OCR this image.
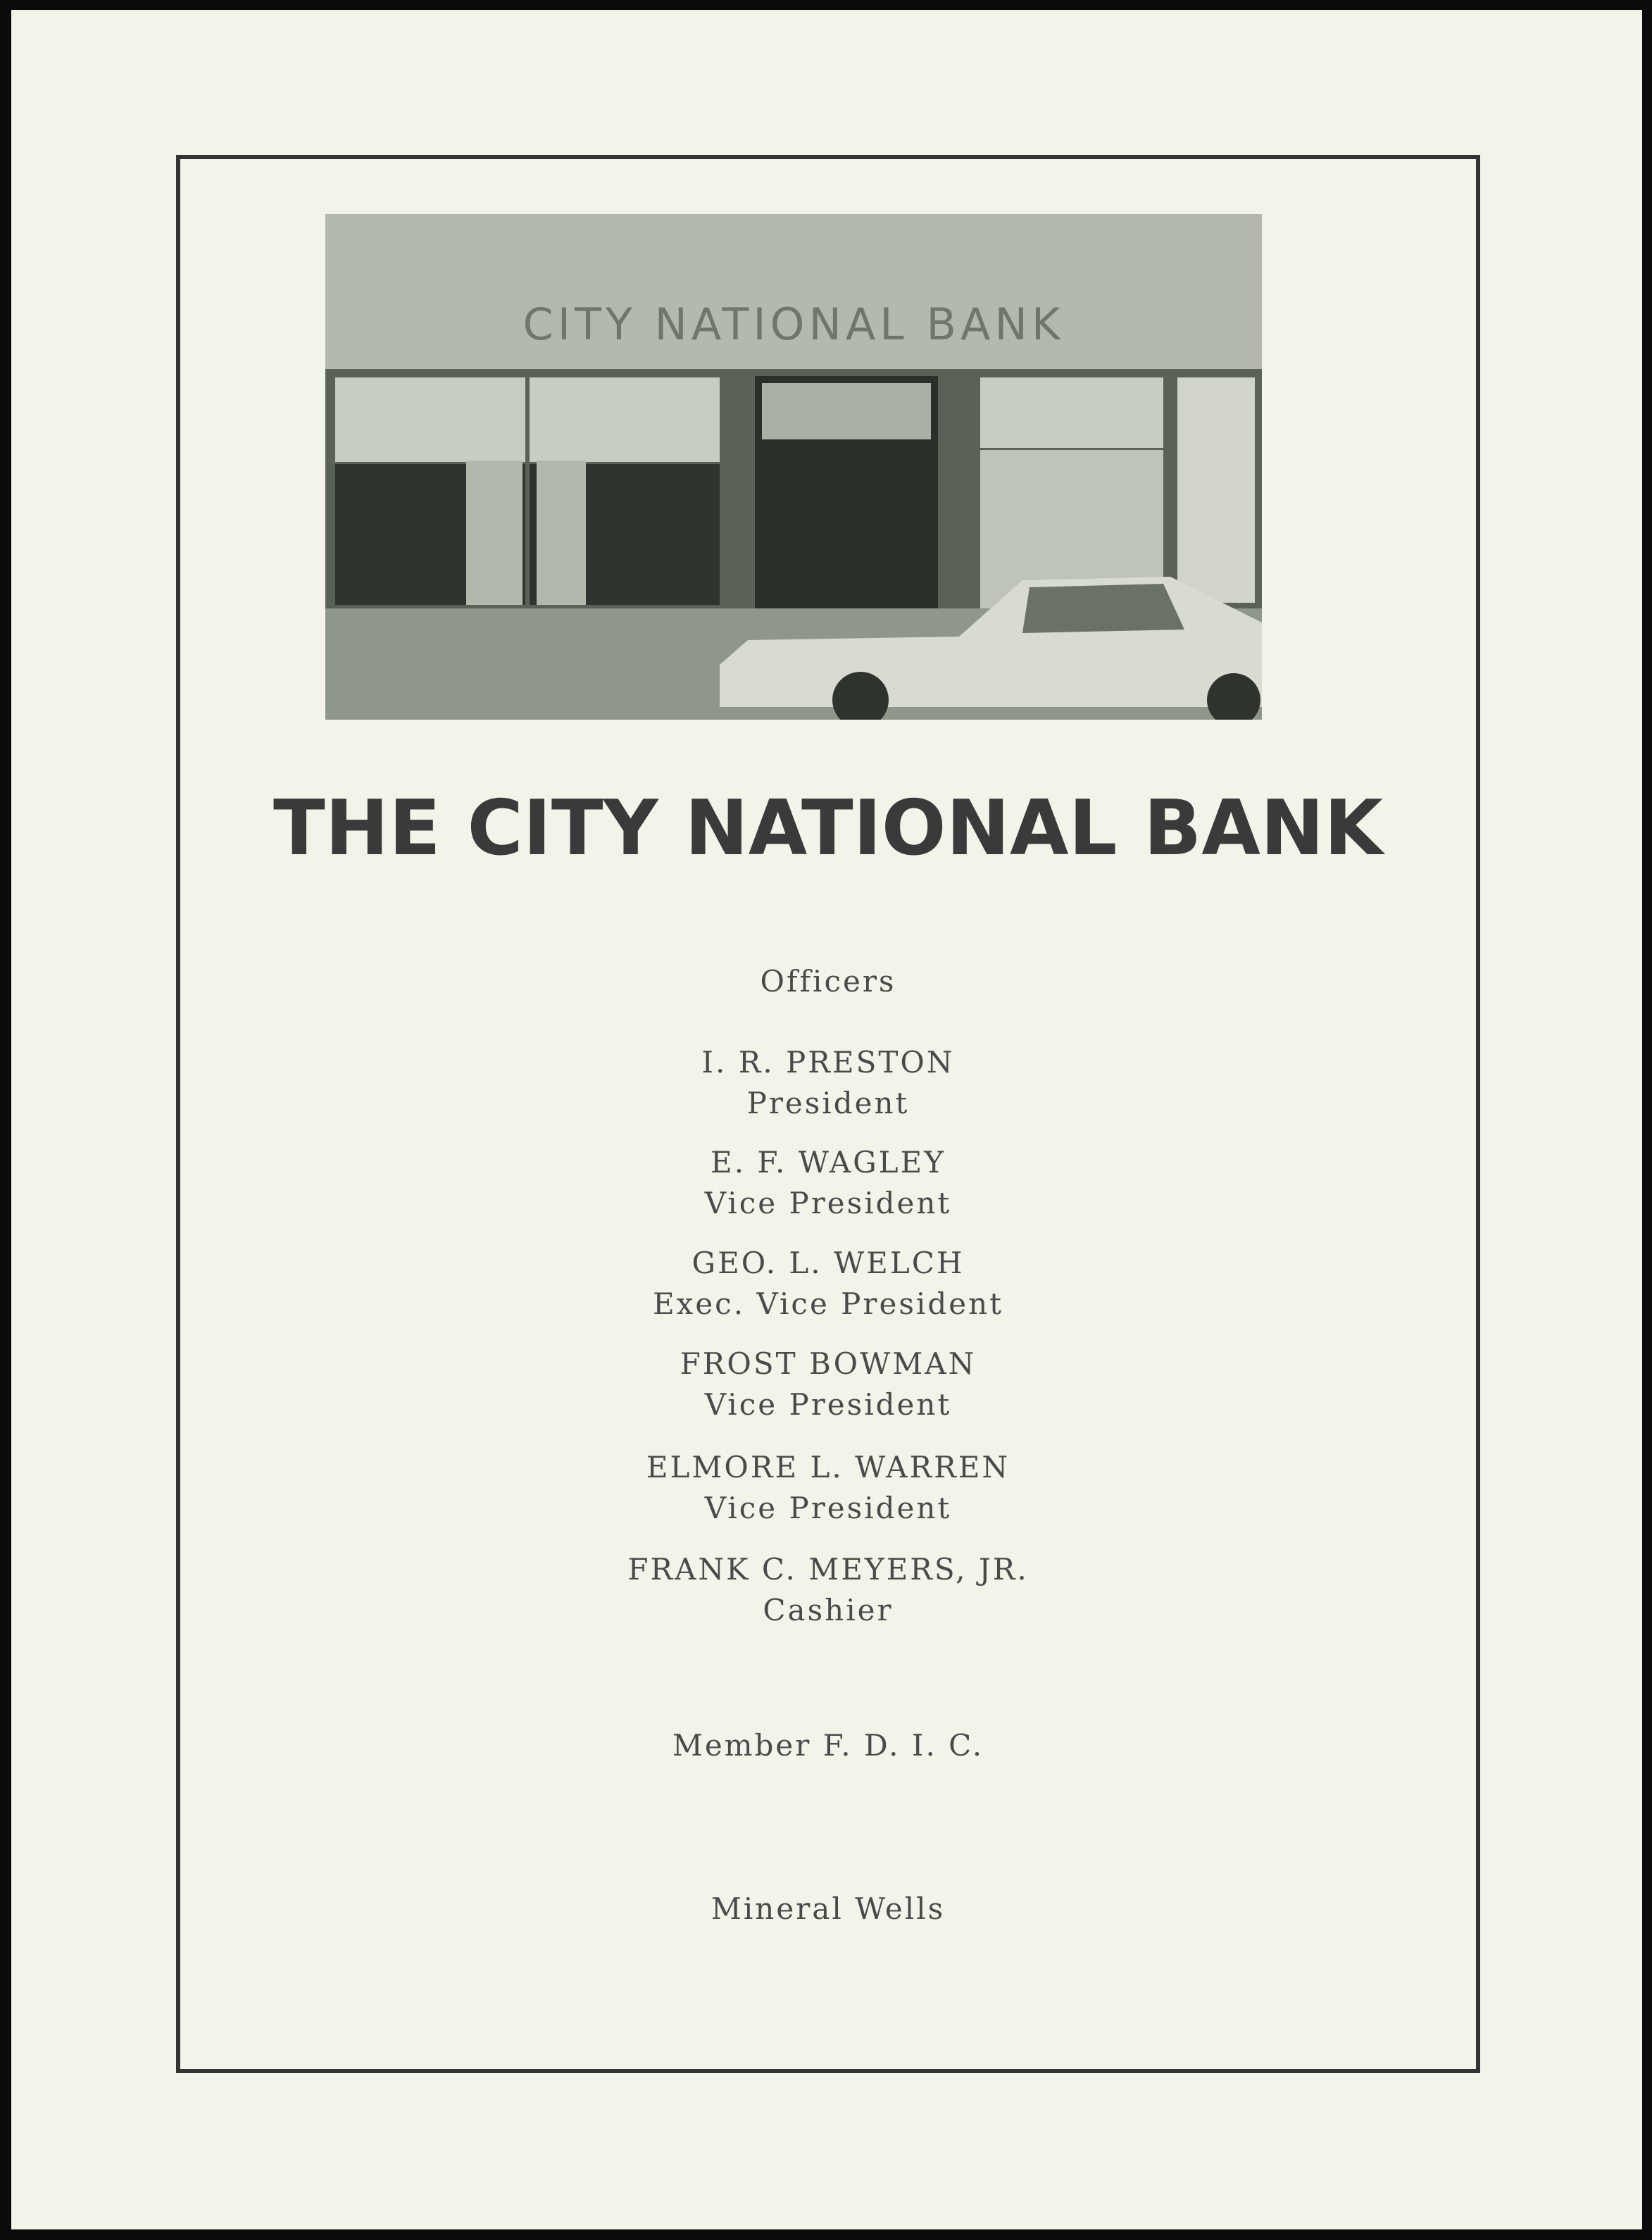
CITY NATIONAL BANK
THE CITY NATIONAL BANK
Officers
I. R. PRESTON
President
E. F. WAGLEY
Vice President
GEO. L. WELCH
Exec. Vice President
FROST BOWMAN
Vice President
ELMORE L. WARREN
Vice President
FRANK C. MEYERS, JR.
Cashier
Member F. D. I. C.
Mineral Wells
